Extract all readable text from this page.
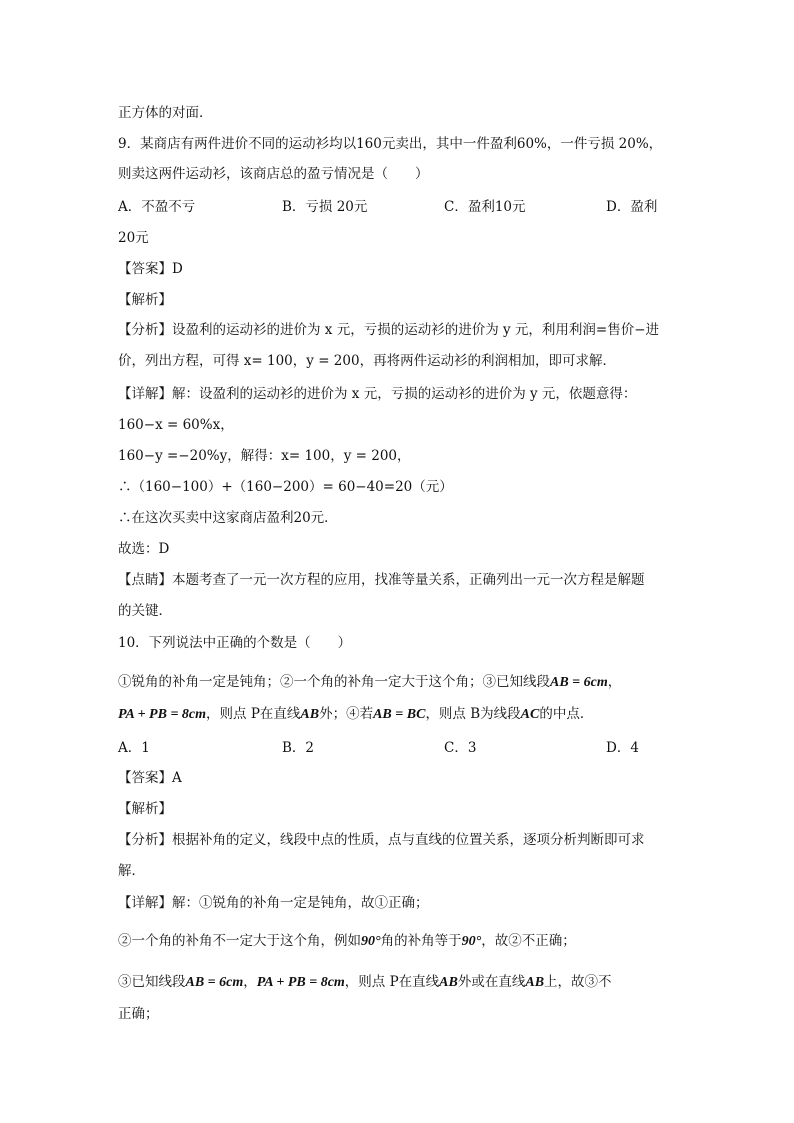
正方体的对面．
9．某商店有两件进价不同的运动衫均以160元卖出，其中一件盈利60%，一件亏损 20%，
则卖这两件运动衫，该商店总的盈亏情况是（　　）
A．不盈不亏	B．亏损 20元	C．盈利10元	D．盈利
20元
【答案】D
【解析】
【分析】设盈利的运动衫的进价为 x 元，亏损的运动衫的进价为 y 元，利用利润=售价−进
价，列出方程，可得 x= 100，y = 200，再将两件运动衫的利润相加，即可求解．
【详解】解：设盈利的运动衫的进价为 x 元，亏损的运动衫的进价为 y 元，依题意得：
160−x = 60%x，
160−y =−20%y，解得：x= 100，y = 200，
∴（160−100）+（160−200）= 60−40=20（元）
∴在这次买卖中这家商店盈利20元．
故选：D
【点睛】本题考查了一元一次方程的应用，找准等量关系，正确列出一元一次方程是解题
的关键．
10．下列说法中正确的个数是（　　）
①锐角的补角一定是钝角；②一个角的补角一定大于这个角；③已知线段AB = 6cm，
PA + PB = 8cm，则点 P在直线AB外；④若AB = BC，则点 B为线段AC的中点．
A．1	B．2	C．3	D．4
【答案】A
【解析】
【分析】根据补角的定义，线段中点的性质，点与直线的位置关系，逐项分析判断即可求
解．
【详解】解：①锐角的补角一定是钝角，故①正确；
②一个角的补角不一定大于这个角，例如90°角的补角等于90°，故②不正确；
③已知线段AB = 6cm，PA + PB = 8cm，则点 P在直线AB外或在直线AB上，故③不
正确；
